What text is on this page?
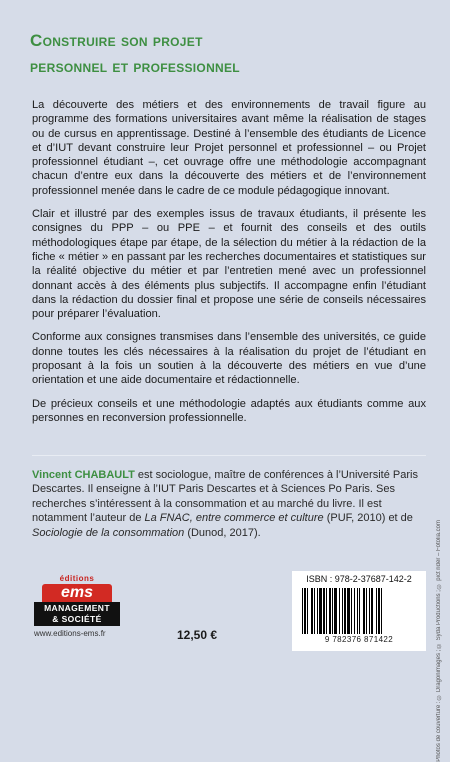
Construire son projet
personnel et professionnel

La découverte des métiers et des environnements de travail figure au programme des formations universitaires avant même la réalisation de stages ou de cursus en apprentissage. Destiné à l’ensemble des étudiants de Licence et d’IUT devant construire leur Projet personnel et professionnel – ou Projet professionnel étudiant –, cet ouvrage offre une méthodologie accompagnant chacun d’entre eux dans la découverte des métiers et de l’environnement professionnel menée dans le cadre de ce module pédagogique innovant.

Clair et illustré par des exemples issus de travaux étudiants, il présente les consignes du PPP – ou PPE – et fournit des conseils et des outils méthodologiques étape par étape, de la sélection du métier à la rédaction de la fiche « métier » en passant par les recherches documentaires et statistiques sur la réalité objective du métier et par l’entretien mené avec un professionnel donnant accès à des éléments plus subjectifs. Il accompagne enfin l’étudiant dans la rédaction du dossier final et propose une série de conseils nécessaires pour préparer l’évaluation.

Conforme aux consignes transmises dans l’ensemble des universités, ce guide donne toutes les clés nécessaires à la réalisation du projet de l’étudiant en proposant à la fois un soutien à la découverte des métiers en vue d’une orientation et une aide documentaire et rédactionnelle.

De précieux conseils et une méthodologie adaptés aux étudiants comme aux personnes en reconversion professionnelle.

Vincent CHABAULT est sociologue, maître de conférences à l’Université Paris Descartes. Il enseigne à l’IUT Paris Descartes et à Sciences Po Paris. Ses recherches s’intéressent à la consommation et au marché du livre. Il est notamment l’auteur de La FNAC, entre commerce et culture (PUF, 2010) et de Sociologie de la consommation (Dunod, 2017).	Photos de couverture : © Dragonimages ; © Syda Productions ; © pict rider – Fotolia.com
éditions
ems
MANAGEMENT
& SOCIÉTÉ
www.editions-ems.fr	12,50 €
ISBN : 978-2-37687-142-2
9 782376 871422
